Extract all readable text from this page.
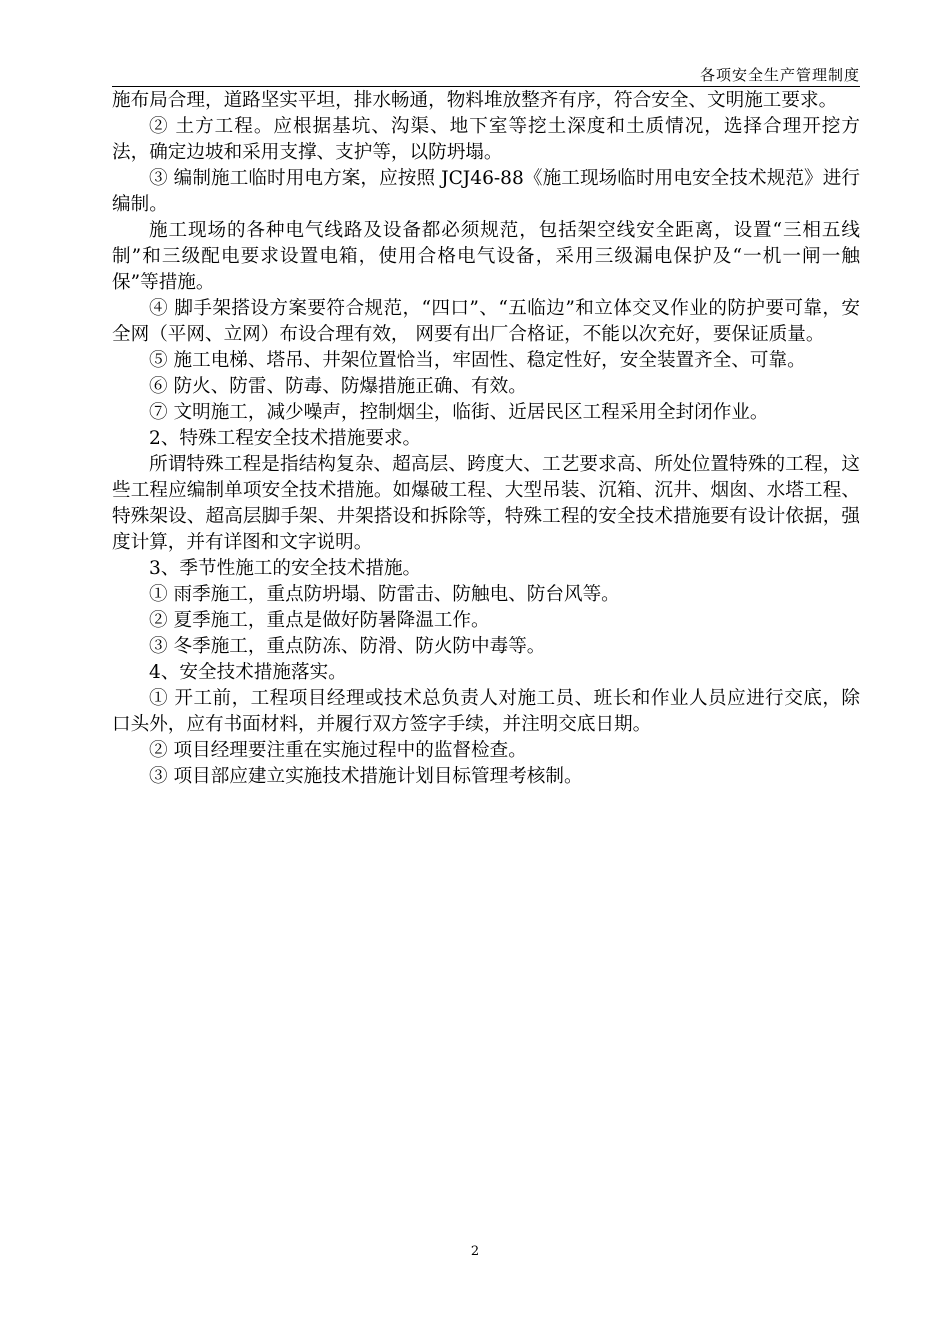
各项安全生产管理制度

施布局合理，道路坚实平坦，排水畅通，物料堆放整齐有序，符合安全、文明施工要求。

② 土方工程。应根据基坑、沟渠、地下室等挖土深度和土质情况，选择合理开挖方法，确定边坡和采用支撑、支护等，以防坍塌。

③ 编制施工临时用电方案，应按照 JCJ46-88《施工现场临时用电安全技术规范》进行编制。

施工现场的各种电气线路及设备都必须规范，包括架空线安全距离，设置“三相五线制”和三级配电要求设置电箱，使用合格电气设备，采用三级漏电保护及“一机一闸一触保”等措施。

④ 脚手架搭设方案要符合规范，“四口”、“五临边”和立体交叉作业的防护要可靠，安全网（平网、立网）布设合理有效， 网要有出厂合格证，不能以次充好，要保证质量。

⑤ 施工电梯、塔吊、井架位置恰当，牢固性、稳定性好，安全装置齐全、可靠。

⑥ 防火、防雷、防毒、防爆措施正确、有效。

⑦ 文明施工，减少噪声，控制烟尘，临街、近居民区工程采用全封闭作业。

2、特殊工程安全技术措施要求。

所谓特殊工程是指结构复杂、超高层、跨度大、工艺要求高、所处位置特殊的工程，这些工程应编制单项安全技术措施。如爆破工程、大型吊装、沉箱、沉井、烟囱、水塔工程、特殊架设、超高层脚手架、井架搭设和拆除等，特殊工程的安全技术措施要有设计依据，强度计算，并有详图和文字说明。

3、季节性施工的安全技术措施。

① 雨季施工，重点防坍塌、防雷击、防触电、防台风等。

② 夏季施工，重点是做好防暑降温工作。

③ 冬季施工，重点防冻、防滑、防火防中毒等。

4、安全技术措施落实。

① 开工前，工程项目经理或技术总负责人对施工员、班长和作业人员应进行交底，除口头外，应有书面材料，并履行双方签字手续，并注明交底日期。

② 项目经理要注重在实施过程中的监督检查。

③ 项目部应建立实施技术措施计划目标管理考核制。

2
